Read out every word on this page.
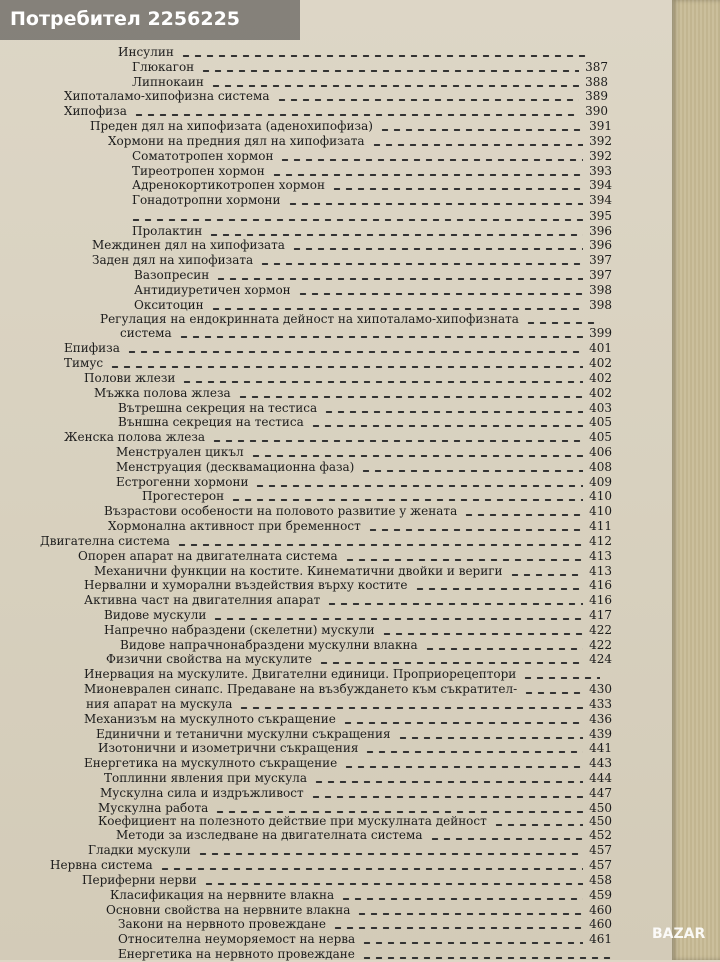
Инсулин
Глюкагон	387
Липнокаин	388
Хипоталамо-хипофизна система	389
Хипофиза	390
Преден дял на хипофизата (аденохипофиза)	391
Хормони на предния дял на хипофизата	392
Соматотропен хормон	392
Тиреотропен хормон	393
Адренокортикотропен хормон	394
Гонадотропни хормони	394
395
Пролактин	396
Междинен дял на хипофизата	396
Заден дял на хипофизата	397
Вазопресин	397
Антидиуретичен хормон	398
Окситоцин	398
Регулация на ендокринната дейност на хипоталамо-хипофизната
система	399
Епифиза	401
Тимус	402
Полови жлези	402
Мъжка полова жлеза	402
Вътрешна секреция на тестиса	403
Външна секреция на тестиса	405
Женска полова жлеза	405
Менструален цикъл	406
Менструация (десквамационна фаза)	408
Естрогенни хормони	409
Прогестерон	410
Възрастови особености на половото развитие у жената	410
Хормонална активност при бременност	411
Двигателна система	412
Опорен апарат на двигателната система	413
Механични функции на костите. Кинематични двойки и вериги	413
Нервални и хуморални въздействия върху костите	416
Активна част на двигателния апарат	416
Видове мускули	417
Напречно набраздени (скелетни) мускули	422
Видове напрачнонабраздени мускулни влакна	422
Физични свойства на мускулите	424
Инервация на мускулите. Двигателни единици. Проприорецептори
Мионеврален синапс. Предаване на възбуждането към съкратител-	430
ния апарат на мускула	433
Механизъм на мускулното съкращение	436
Единични и тетанични мускулни съкращения	439
Изотонични и изометрични съкращения	441
Енергетика на мускулното съкращение	443
Топлинни явления при мускула	444
Мускулна сила и издръжливост	447
Мускулна работа	450
Коефициент на полезното действие при мускулната дейност	450
Методи за изследване на двигателната система	452
Гладки мускули	457
Нервна система	457
Периферни нерви	458
Класификация на нервните влакна	459
Основни свойства на нервните влакна	460
Закони на нервното провеждане	460
Относителна неуморяемост на нерва	461
Енергетика на нервното провеждане
Потребител 2256225
BAZAR
